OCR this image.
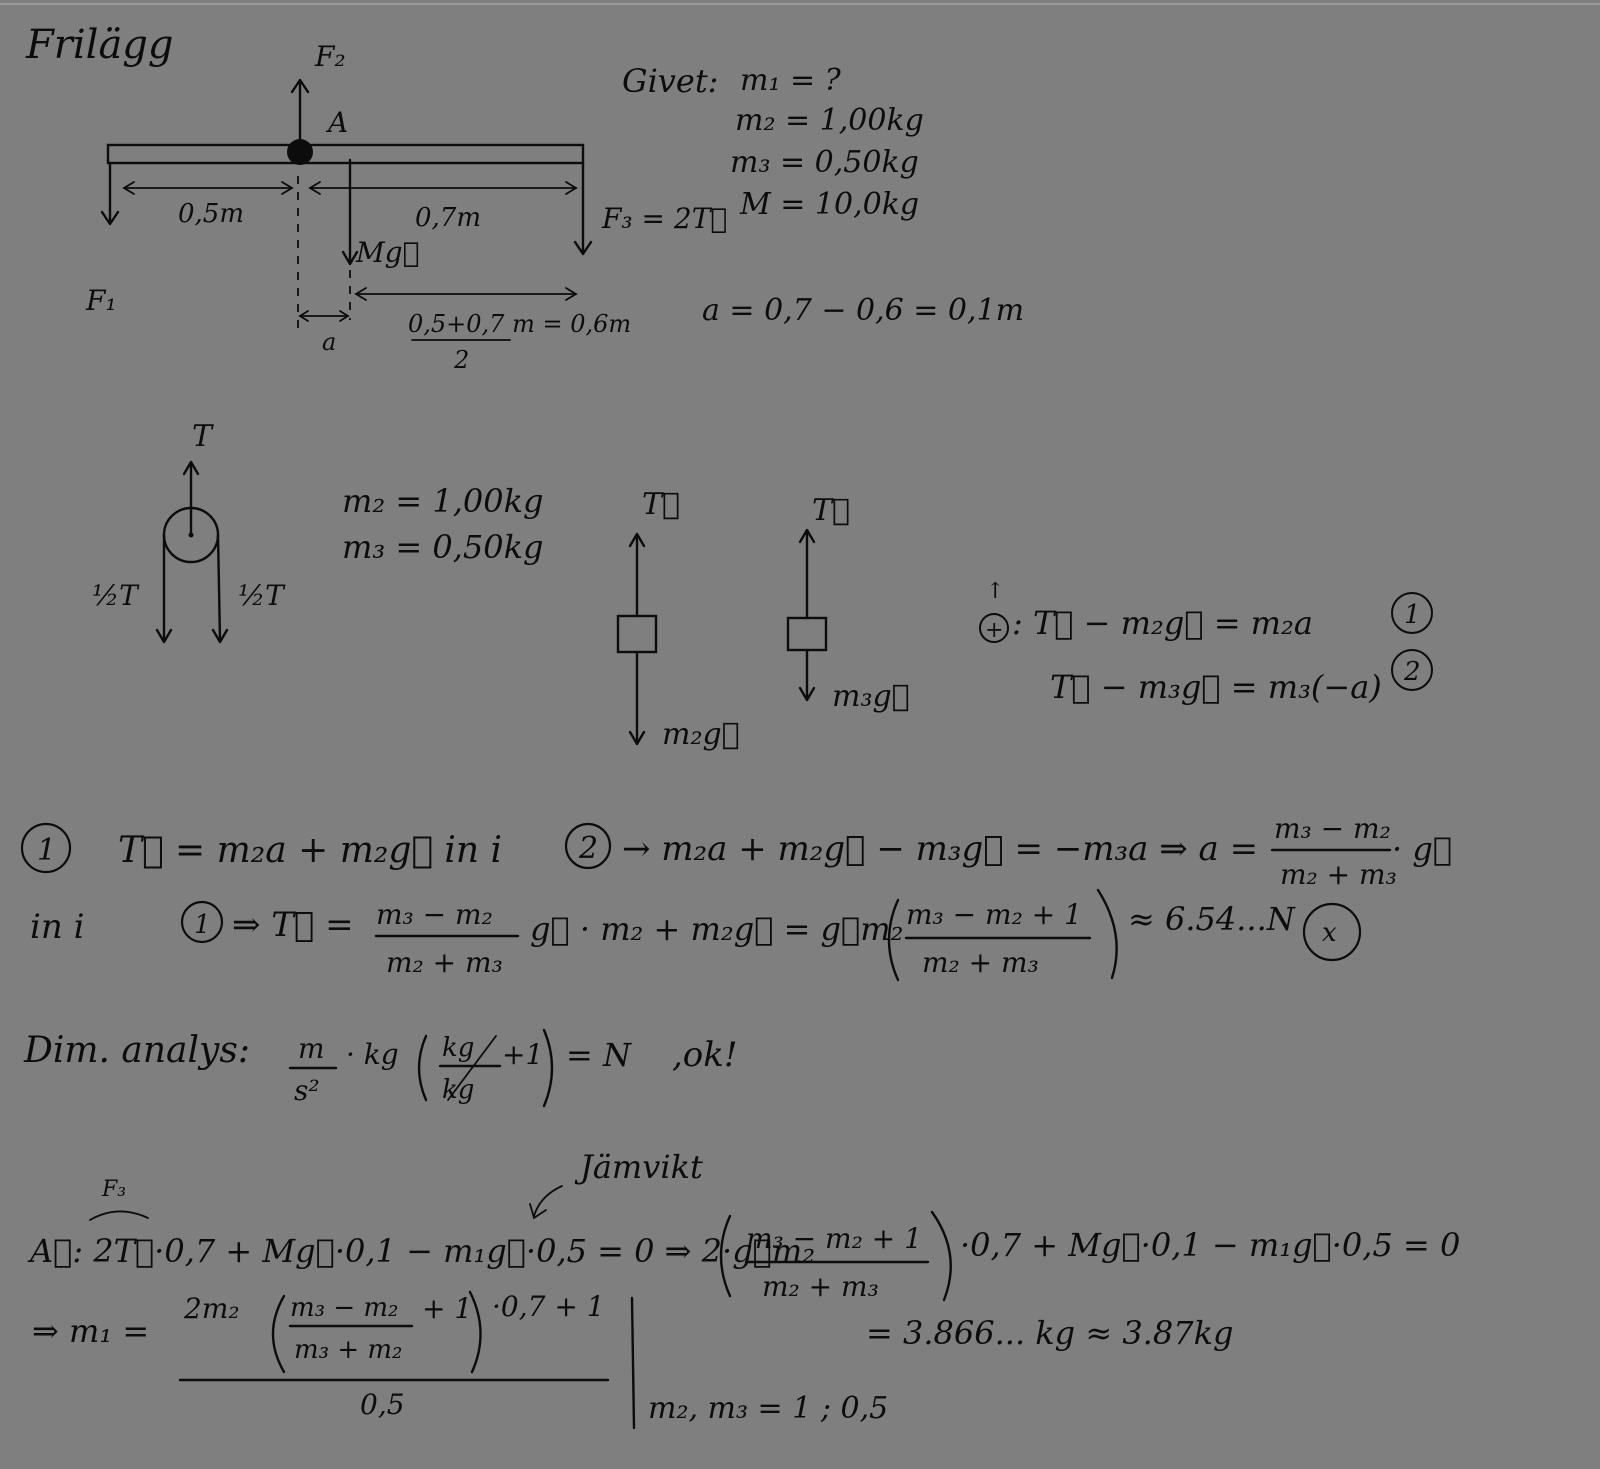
Frilägg	F₂
A
F₁
F₃ = 2T⃗
0,5m	0,7m
Mg⃗
a
0,5+0,7 m = 0,6m
2
Givet: m₁ = ?
m₂ = 1,00kg
m₃ = 0,50kg
M = 10,0kg
a = 0,7 − 0,6 = 0,1m
T
½T	½T
m₂ = 1,00kg
m₃ = 0,50kg
T⃗	T⃗
m₂g⃗
m₃g⃗
↑
+ : T⃗ − m₂g⃗ = m₂a
T⃗ − m₃g⃗ = m₃(−a)
1
2
1 T⃗ = m₂a + m₂g⃗ in i	2 → m₂a + m₂g⃗ − m₃g⃗ = −m₃a ⇒ a =
m₃ − m₂
m₂ + m₃
· g⃗
in i	1 ⇒ T⃗ = m₃ − m₂
m₂ + m₃
g⃗ · m₂ + m₂g⃗ = g⃗m₂ m₃ − m₂ + 1
m₂ + m₃
≈ 6.54...N x
Dim. analys: m
s²
· kg kg
kg
+1 = N ,ok!
Jämvikt
F₃
A⃗: 2T⃗·0,7 + Mg⃗·0,1 − m₁g⃗·0,5 = 0 ⇒ 2·g⃗m₂
m₃ − m₂ + 1
m₂ + m₃
·0,7 + Mg⃗·0,1 − m₁g⃗·0,5 = 0
⇒ m₁ =
2m₂ m₃ − m₂
m₃ + m₂
+ 1 ·0,7 + 1
0,5
= 3.866... kg ≈ 3.87kg
m₂, m₃ = 1 ; 0,5
